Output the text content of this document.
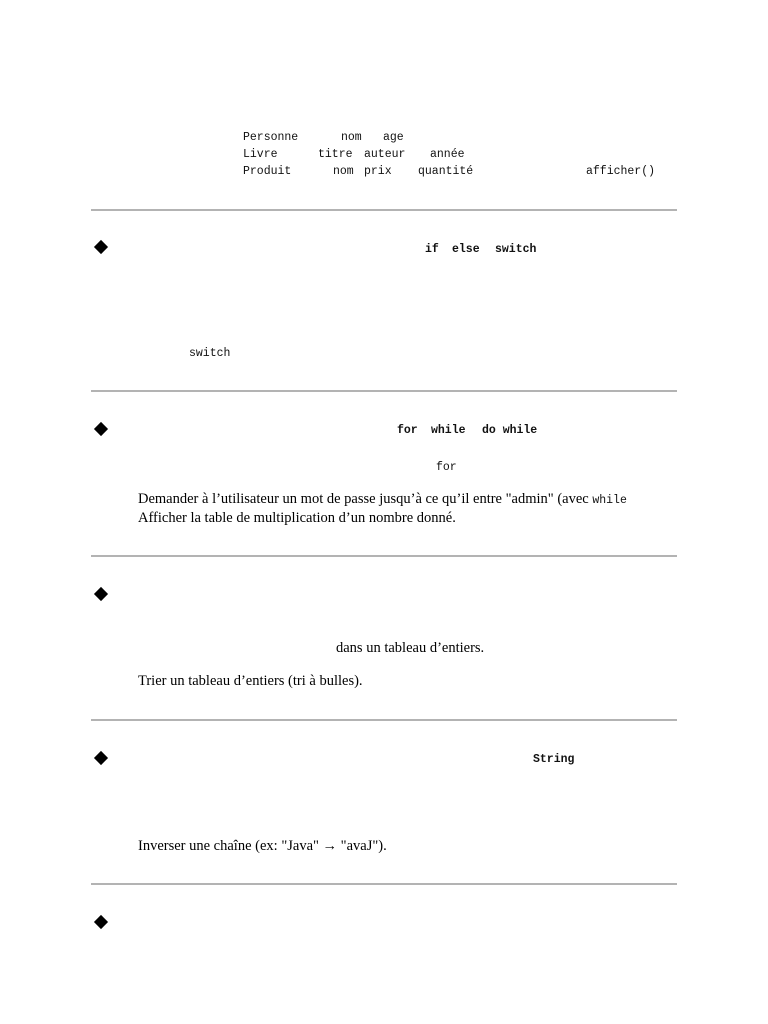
Personne	nom age
Livre	titre auteur année
Produit	nom prix quantité	afficher()
if else switch
switch
for while do while
for
Demander à l’utilisateur un mot de passe jusqu’à ce qu’il entre "admin" (avec while
Afficher la table de multiplication d’un nombre donné.
dans un tableau d’entiers.
Trier un tableau d’entiers (tri à bulles).
String
Inverser une chaîne (ex: "Java" → "avaJ").
